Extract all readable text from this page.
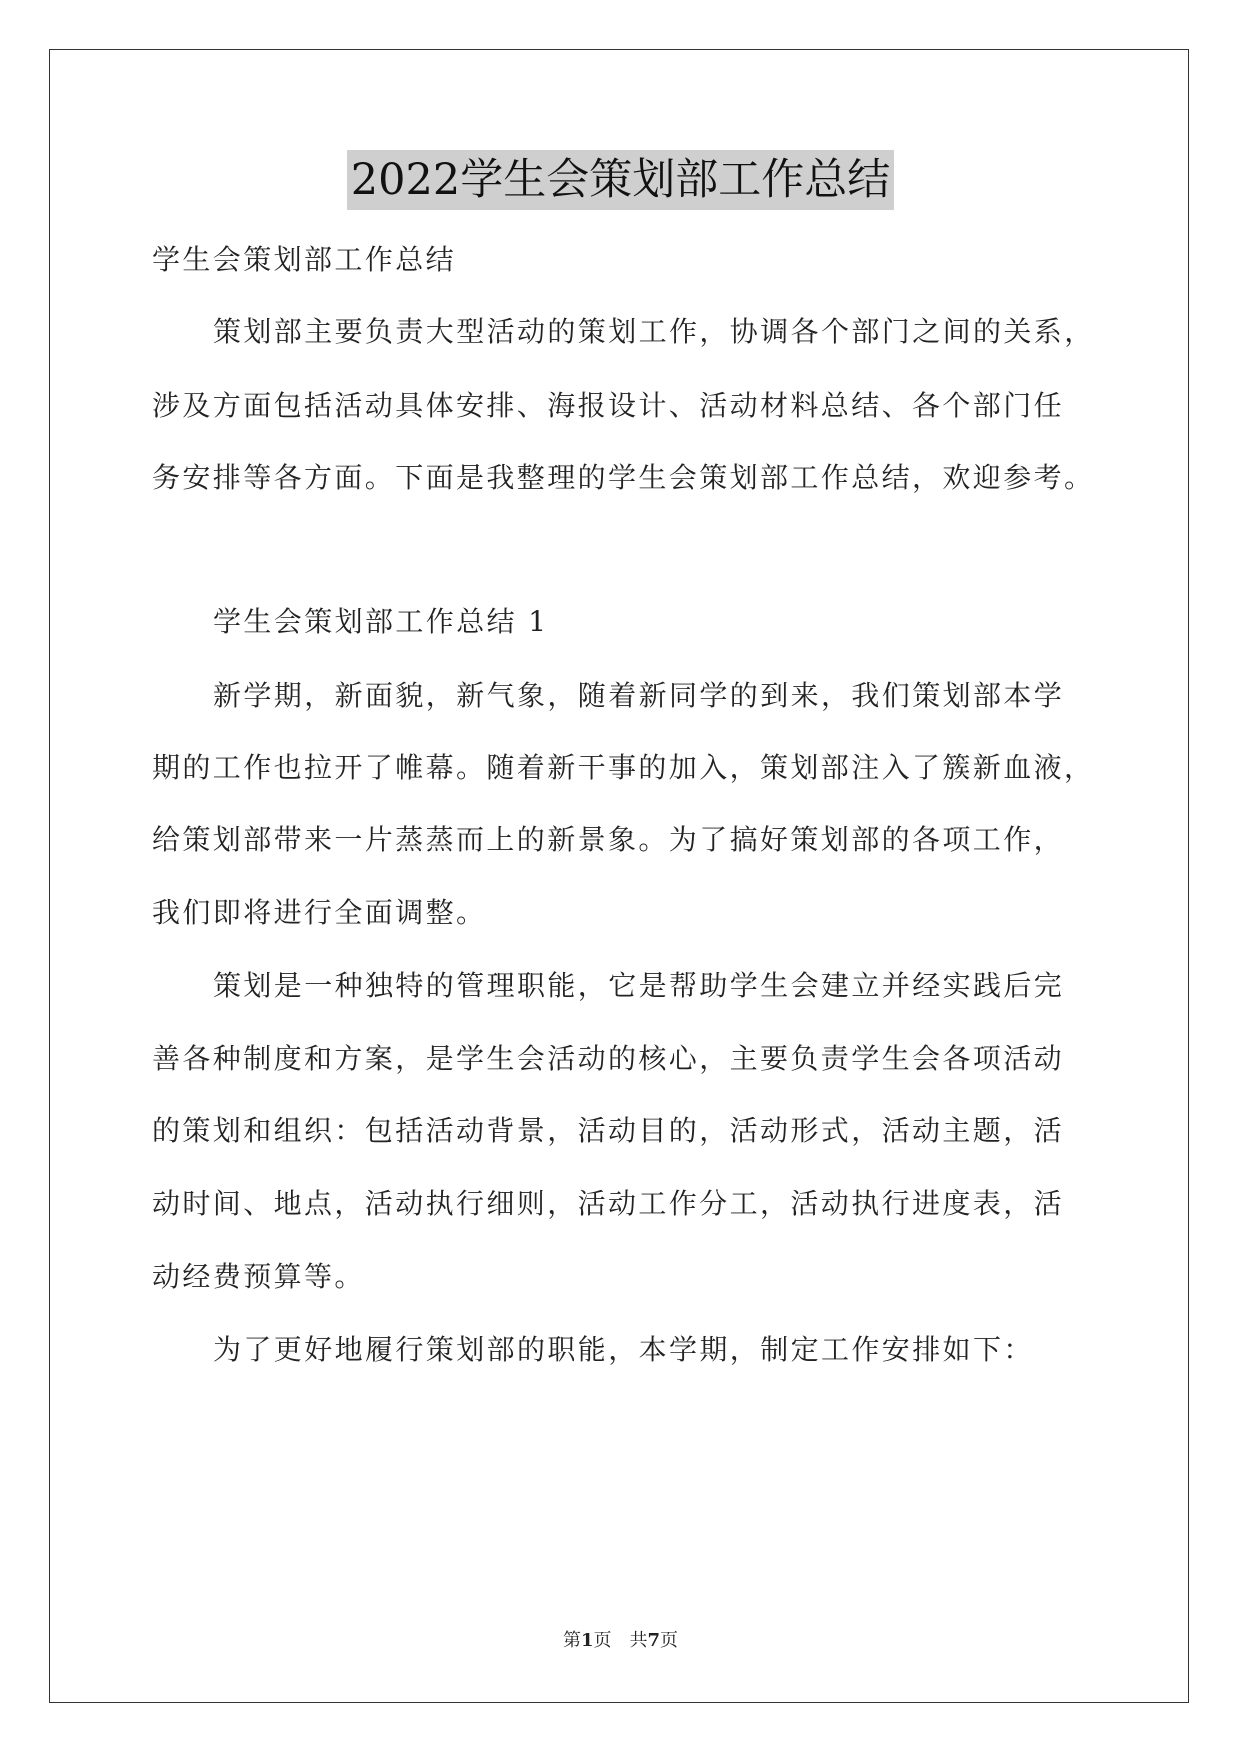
2022学生会策划部工作总结
学生会策划部工作总结
策划部主要负责大型活动的策划工作，协调各个部门之间的关系，
涉及方面包括活动具体安排、海报设计、活动材料总结、各个部门任
务安排等各方面。下面是我整理的学生会策划部工作总结，欢迎参考。
学生会策划部工作总结 1
新学期，新面貌，新气象，随着新同学的到来，我们策划部本学
期的工作也拉开了帷幕。随着新干事的加入，策划部注入了簇新血液，
给策划部带来一片蒸蒸而上的新景象。为了搞好策划部的各项工作，
我们即将进行全面调整。
策划是一种独特的管理职能，它是帮助学生会建立并经实践后完
善各种制度和方案，是学生会活动的核心，主要负责学生会各项活动
的策划和组织：包括活动背景，活动目的，活动形式，活动主题，活
动时间、地点，活动执行细则，活动工作分工，活动执行进度表，活
动经费预算等。
为了更好地履行策划部的职能，本学期，制定工作安排如下：
第1页　共7页
